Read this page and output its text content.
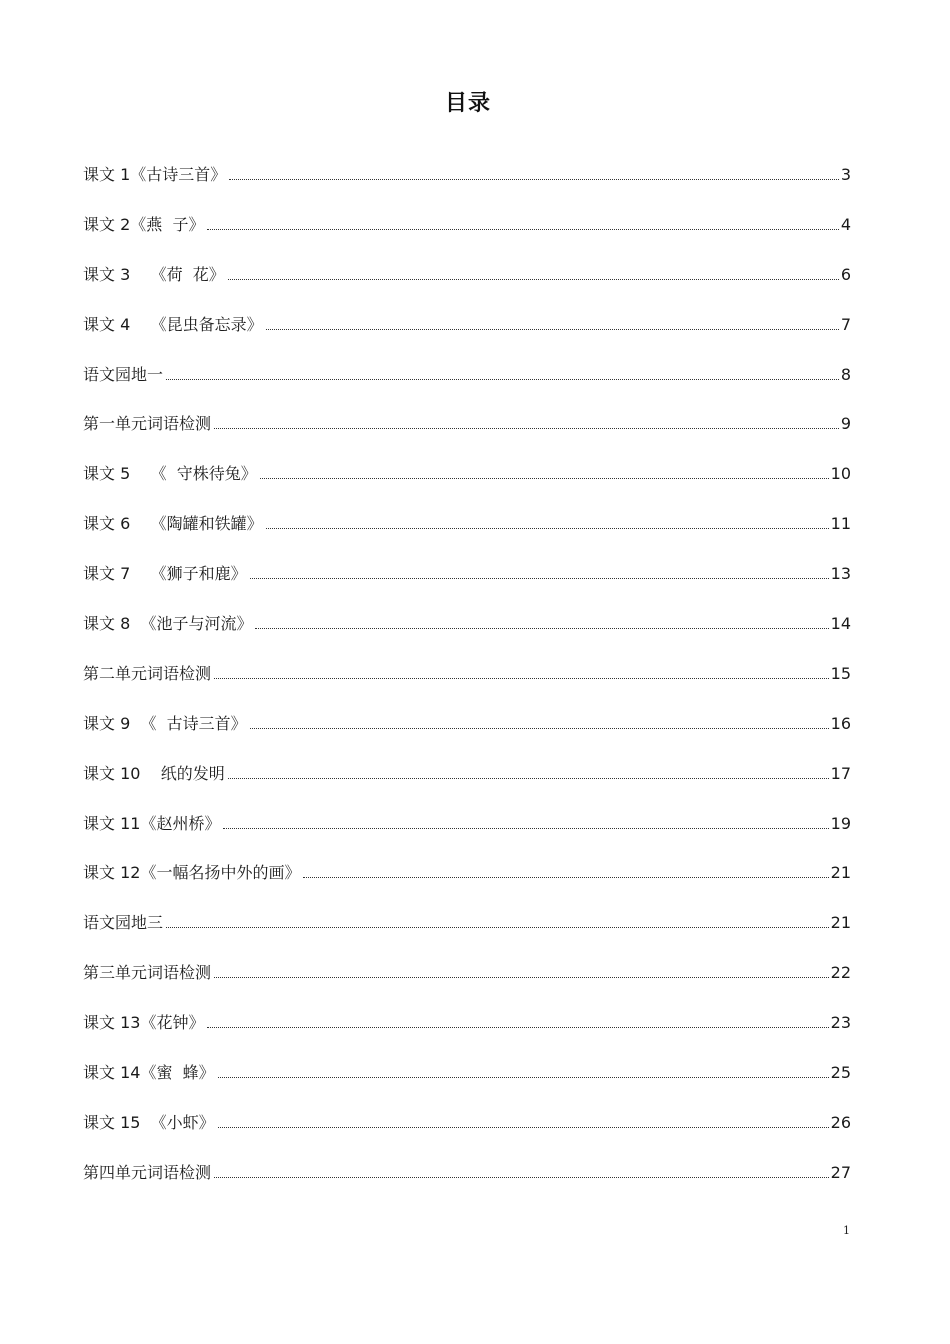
目录
课文 1《古诗三首》	3
课文 2《燕  子》	4
课文 3    《荷  花》	6
课文 4    《昆虫备忘录》	7
语文园地一	8
第一单元词语检测	9
课文 5    《  守株待兔》	10
课文 6    《陶罐和铁罐》	11
课文 7    《狮子和鹿》	13
课文 8  《池子与河流》	14
第二单元词语检测	15
课文 9  《  古诗三首》	16
课文 10    纸的发明	17
课文 11《赵州桥》	19
课文 12《一幅名扬中外的画》	21
语文园地三	21
第三单元词语检测	22
课文 13《花钟》	23
课文 14《蜜  蜂》	25
课文 15  《小虾》	26
第四单元词语检测	27
1
